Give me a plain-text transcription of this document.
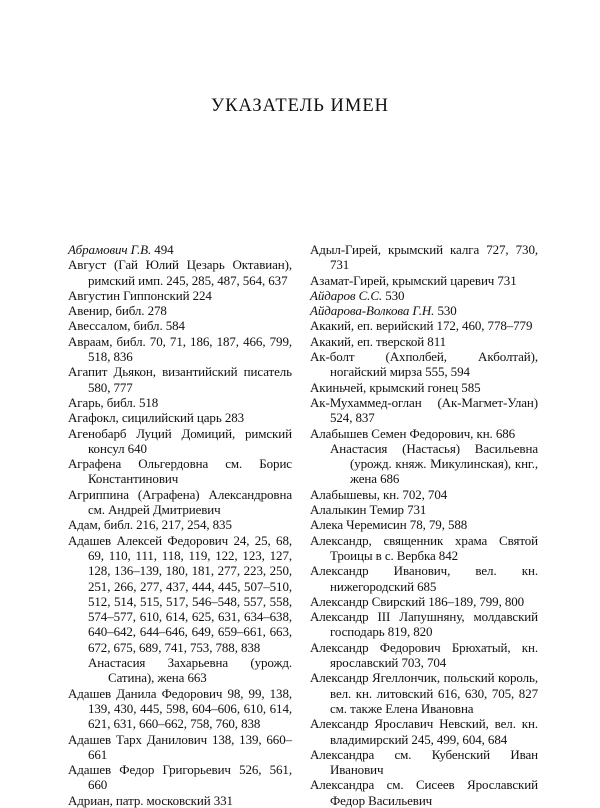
УКАЗАТЕЛЬ ИМЕН
Абрамович Г.В. 494
Август (Гай Юлий Цезарь Октавиан), римский имп. 245, 285, 487, 564, 637
Августин Гиппонский 224
Авенир, библ. 278
Авессалом, библ. 584
Авраам, библ. 70, 71, 186, 187, 466, 799, 518, 836
Агапит Дьякон, византийский писатель 580, 777
Агарь, библ. 518
Агафокл, сицилийский царь 283
Агенобарб Луций Домиций, римский консул 640
Аграфена Ольгердовна см. Борис Константинович
Агриппина (Аграфена) Александровна см. Андрей Дмитриевич
Адам, библ. 216, 217, 254, 835
Адашев Алексей Федорович 24, 25, 68, 69, 110, 111, 118, 119, 122, 123, 127, 128, 136–139, 180, 181, 277, 223, 250, 251, 266, 277, 437, 444, 445, 507–510, 512, 514, 515, 517, 546–548, 557, 558, 574–577, 610, 614, 625, 631, 634–638, 640–642, 644–646, 649, 659–661, 663, 672, 675, 689, 741, 753, 788, 838
Анастасия Захарьевна (урожд. Сатина), жена 663
Адашев Данила Федорович 98, 99, 138, 139, 430, 445, 598, 604–606, 610, 614, 621, 631, 660–662, 758, 760, 838
Адашев Тарх Данилович 138, 139, 660–661
Адашев Федор Григорьевич 526, 561, 660
Адриан, патр. московский 331
Адыл-Гирей, крымский калга 727, 730, 731
Азамат-Гирей, крымский царевич 731
Айдаров С.С. 530
Айдарова-Волкова Г.Н. 530
Акакий, еп. верийский 172, 460, 778–779
Акакий, еп. тверской 811
Ак-болт (Ахполбей, Акболтай), ногайский мирза 555, 594
Акиньчей, крымский гонец 585
Ак-Мухаммед-оглан (Ак-Магмет-Улан) 524, 837
Алабышев Семен Федорович, кн. 686
Анастасия (Настасья) Васильевна (урожд. княж. Микулинская), кнг., жена 686
Алабышевы, кн. 702, 704
Алалыкин Темир 731
Алека Черемисин 78, 79, 588
Александр, священник храма Святой Троицы в с. Вербка 842
Александр Иванович, вел. кн. нижегородский 685
Александр Свирский 186–189, 799, 800
Александр III Лапушняну, молдавский господарь 819, 820
Александр Федорович Брюхатый, кн. ярославский 703, 704
Александр Ягеллончик, польский король, вел. кн. литовский 616, 630, 705, 827 см. также Елена Ивановна
Александр Ярославич Невский, вел. кн. владимирский 245, 499, 604, 684
Александра см. Кубенский Иван Иванович
Александра см. Сисеев Ярославский Федор Васильевич
